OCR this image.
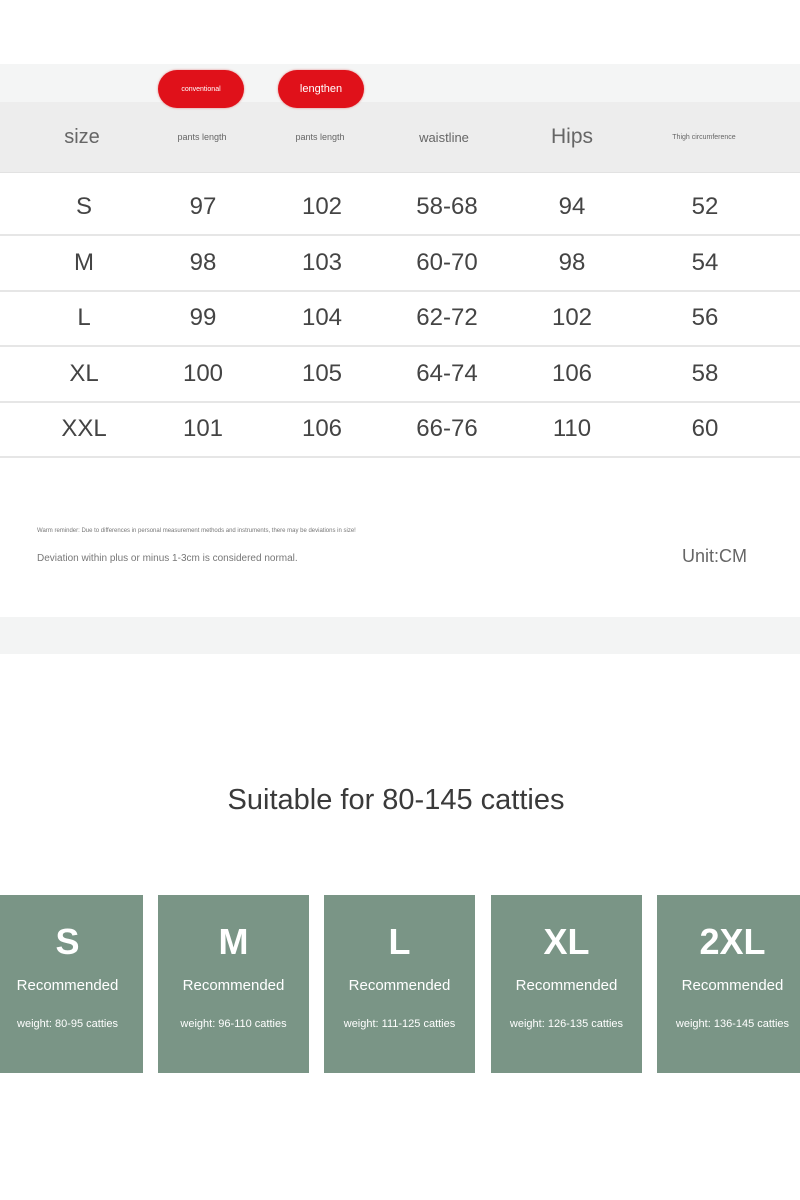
conventional	lengthen
size	pants length	pants length	waistline	Hips	Thigh circumference
S	97	102	58-68	94	52
M	98	103	60-70	98	54
L	99	104	62-72	102	56
XL	100	105	64-74	106	58
XXL	101	106	66-76	110	60
Warm reminder: Due to differences in personal measurement methods and instruments, there may be deviations in size!
Deviation within plus or minus 1-3cm is considered normal.	Unit:CM
Suitable for 80-145 catties
S
Recommended
weight: 80-95 catties
M
Recommended
weight: 96-110 catties
L
Recommended
weight: 111-125 catties
XL
Recommended
weight: 126-135 catties
2XL
Recommended
weight: 136-145 catties
